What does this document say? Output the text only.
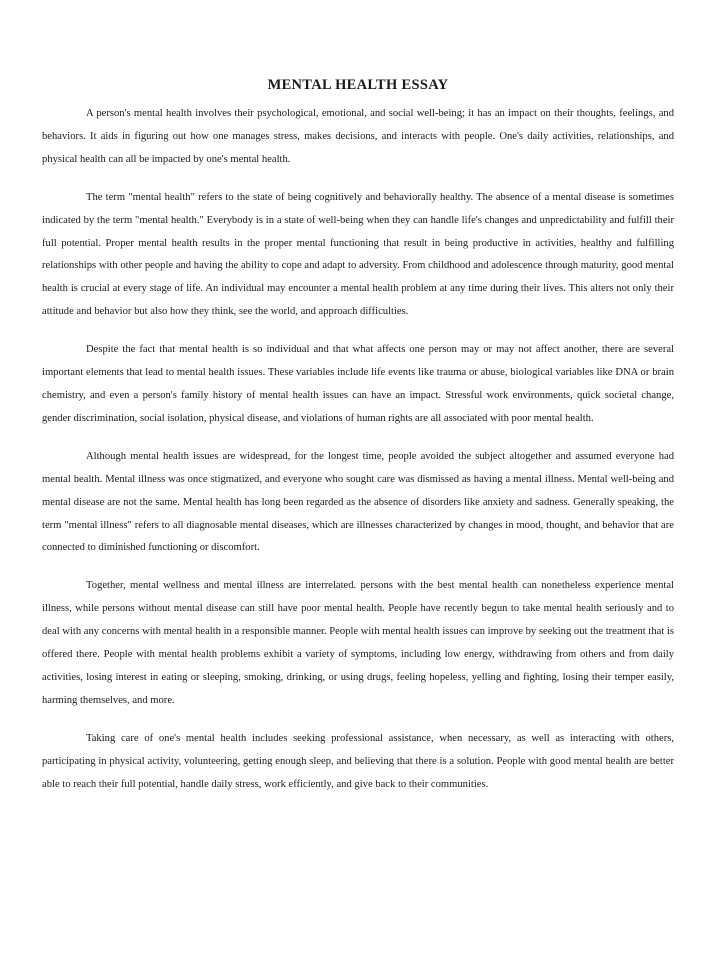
MENTAL HEALTH ESSAY

A person's mental health involves their psychological, emotional, and social well-being; it has an impact on their thoughts, feelings, and behaviors. It aids in figuring out how one manages stress, makes decisions, and interacts with people. One's daily activities, relationships, and physical health can all be impacted by one's mental health.

The term "mental health" refers to the state of being cognitively and behaviorally healthy. The absence of a mental disease is sometimes indicated by the term "mental health." Everybody is in a state of well-being when they can handle life's changes and unpredictability and fulfill their full potential. Proper mental health results in the proper mental functioning that result in being productive in activities, healthy and fulfilling relationships with other people and having the ability to cope and adapt to adversity. From childhood and adolescence through maturity, good mental health is crucial at every stage of life. An individual may encounter a mental health problem at any time during their lives. This alters not only their attitude and behavior but also how they think, see the world, and approach difficulties.

Despite the fact that mental health is so individual and that what affects one person may or may not affect another, there are several important elements that lead to mental health issues. These variables include life events like trauma or abuse, biological variables like DNA or brain chemistry, and even a person's family history of mental health issues can have an impact. Stressful work environments, quick societal change, gender discrimination, social isolation, physical disease, and violations of human rights are all associated with poor mental health.

Although mental health issues are widespread, for the longest time, people avoided the subject altogether and assumed everyone had mental health. Mental illness was once stigmatized, and everyone who sought care was dismissed as having a mental illness. Mental well-being and mental disease are not the same. Mental health has long been regarded as the absence of disorders like anxiety and sadness. Generally speaking, the term "mental illness" refers to all diagnosable mental diseases, which are illnesses characterized by changes in mood, thought, and behavior that are connected to diminished functioning or discomfort.

Together, mental wellness and mental illness are interrelated. persons with the best mental health can nonetheless experience mental illness, while persons without mental disease can still have poor mental health. People have recently begun to take mental health seriously and to deal with any concerns with mental health in a responsible manner. People with mental health issues can improve by seeking out the treatment that is offered there. People with mental health problems exhibit a variety of symptoms, including low energy, withdrawing from others and from daily activities, losing interest in eating or sleeping, smoking, drinking, or using drugs, feeling hopeless, yelling and fighting, losing their temper easily, harming themselves, and more.

Taking care of one's mental health includes seeking professional assistance, when necessary, as well as interacting with others, participating in physical activity, volunteering, getting enough sleep, and believing that there is a solution. People with good mental health are better able to reach their full potential, handle daily stress, work efficiently, and give back to their communities.
